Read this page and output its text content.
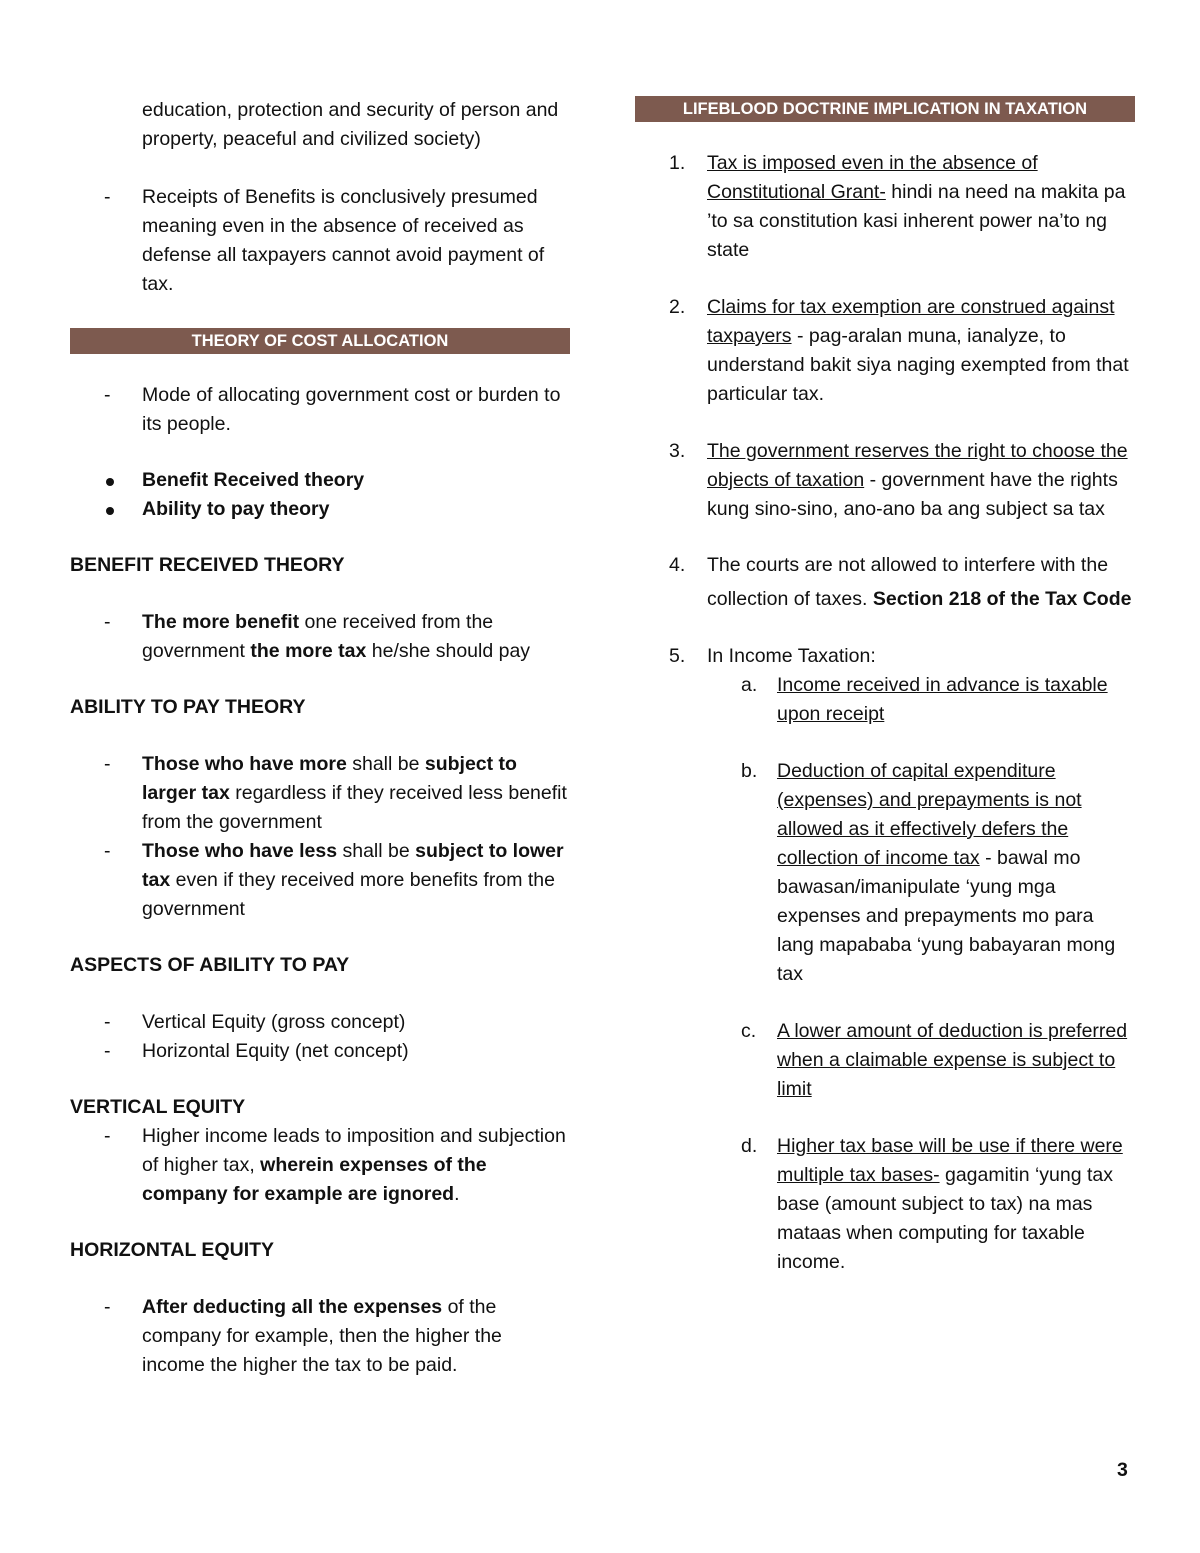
education, protection and security of person and property, peaceful and civilized society)
- Receipts of Benefits is conclusively presumed meaning even in the absence of received as defense all taxpayers cannot avoid payment of tax.
THEORY OF COST ALLOCATION
- Mode of allocating government cost or burden to its people.
Benefit Received theory
Ability to pay theory

BENEFIT RECEIVED THEORY

- The more benefit one received from the government the more tax he/she should pay

ABILITY TO PAY THEORY

- Those who have more shall be subject to larger tax regardless if they received less benefit from the government
- Those who have less shall be subject to lower tax even if they received more benefits from the government

ASPECTS OF ABILITY TO PAY

- Vertical Equity (gross concept)
- Horizontal Equity (net concept)

VERTICAL EQUITY

- Higher income leads to imposition and subjection of higher tax, wherein expenses of the company for example are ignored.

HORIZONTAL EQUITY

- After deducting all the expenses of the company for example, then the higher the income the higher the tax to be paid.
LIFEBLOOD DOCTRINE IMPLICATION IN TAXATION
1. Tax is imposed even in the absence of Constitutional Grant- hindi na need na makita pa ’to sa constitution kasi inherent power na’to ng state
2. Claims for tax exemption are construed against taxpayers - pag-aralan muna, ianalyze, to understand bakit siya naging exempted from that particular tax.
3. The government reserves the right to choose the objects of taxation - government have the rights kung sino-sino, ano-ano ba ang subject sa tax
4. The courts are not allowed to interfere with the collection of taxes. Section 218 of the Tax Code
5. In Income Taxation:
a. Income received in advance is taxable upon receipt
b. Deduction of capital expenditure (expenses) and prepayments is not allowed as it effectively defers the collection of income tax - bawal mo bawasan/imanipulate ‘yung mga expenses and prepayments mo para lang mapababa ‘yung babayaran mong tax
c. A lower amount of deduction is preferred when a claimable expense is subject to limit
d. Higher tax base will be use if there were multiple tax bases- gagamitin ‘yung tax base (amount subject to tax) na mas mataas when computing for taxable income.
3
